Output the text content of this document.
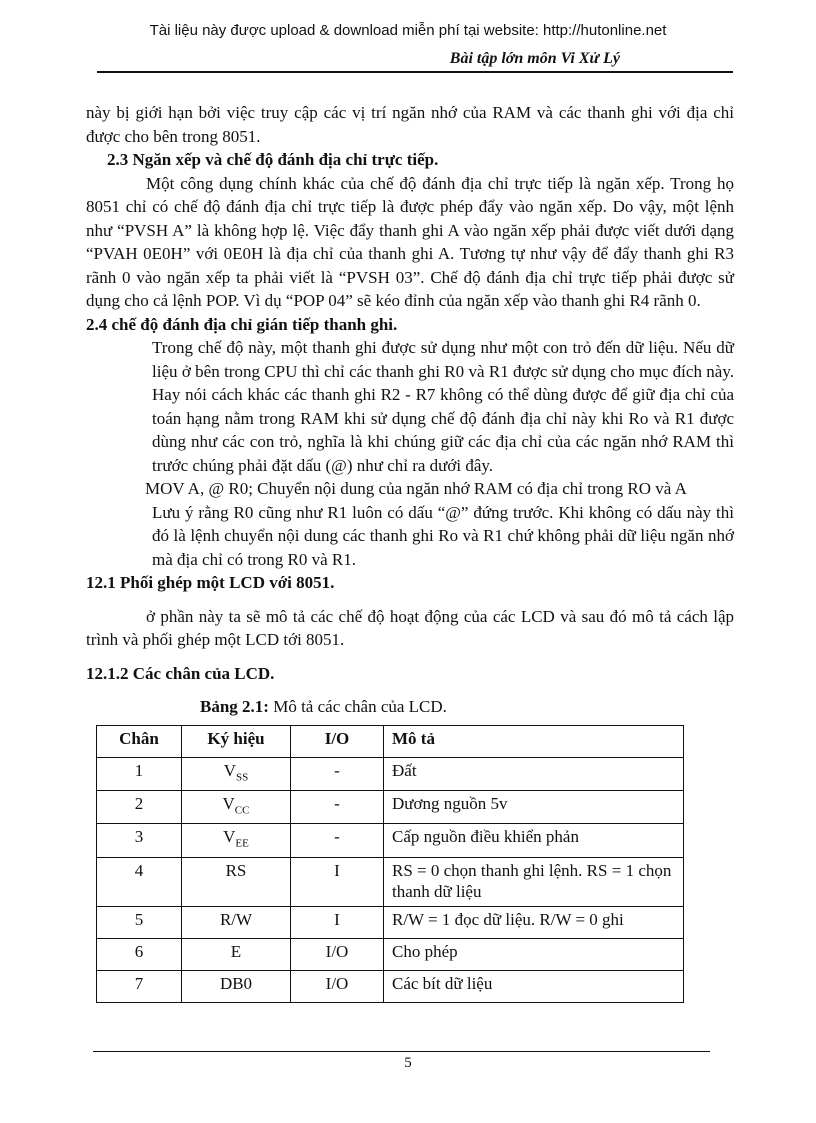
Tài liệu này được upload & download miễn phí tại website: http://hutonline.net
Bài tập lớn môn Vi Xử Lý

này bị giới hạn bởi việc truy cập các vị trí ngăn nhớ của RAM và các thanh ghi với địa chỉ được cho bên trong 8051.

2.3 Ngăn xếp và chế độ đánh địa chỉ trực tiếp.

Một công dụng chính khác của chế độ đánh địa chỉ trực tiếp là ngăn xếp. Trong họ 8051 chỉ có chế độ đánh địa chỉ trực tiếp là được phép đẩy vào ngăn xếp. Do vậy, một lệnh như “PVSH A” là không hợp lệ. Việc đẩy thanh ghi A vào ngăn xếp phải được viết dưới dạng “PVAH 0E0H” với 0E0H là địa chỉ của thanh ghi A. Tương tự như vậy để đẩy thanh ghi R3 rãnh 0 vào ngăn xếp ta phải viết là “PVSH 03”. Chế độ đánh địa chỉ trực tiếp phải được sử dụng cho cả lệnh POP. Vì dụ “POP 04” sẽ kéo đỉnh của ngăn xếp vào thanh ghi R4 rãnh 0.

2.4 chế độ đánh địa chỉ gián tiếp thanh ghi.

Trong chế độ này, một thanh ghi được sử dụng như một con trỏ đến dữ liệu. Nếu dữ liệu ở bên trong CPU thì chỉ các thanh ghi R0 và R1 được sử dụng cho mục đích này. Hay nói cách khác các thanh ghi R2 - R7 không có thể dùng được để giữ địa chỉ của toán hạng nằm trong RAM khi sử dụng chế độ đánh địa chỉ này khi Ro và R1 được dùng như các con trỏ, nghĩa là khi chúng giữ các địa chỉ của các ngăn nhớ RAM thì trước chúng phải đặt dấu (@) như chỉ ra dưới đây.

MOV A, @ R0; Chuyển nội dung của ngăn nhớ RAM có địa chỉ trong RO và A

Lưu ý rằng R0 cũng như R1 luôn có dấu “@” đứng trước. Khi không có dấu này thì đó là lệnh chuyển nội dung các thanh ghi Ro và R1 chứ không phải dữ liệu ngăn nhớ mà địa chỉ có trong R0 và R1.

12.1 Phối ghép một LCD với 8051.

ở phần này ta sẽ mô tả các chế độ hoạt động của các LCD và sau đó mô tả cách lập trình và phối ghép một LCD tới 8051.

12.1.2 Các chân của LCD.

Bảng 2.1: Mô tả các chân của LCD.
Chân	Ký hiệu	I/O	Mô tả
1	$V_{SS}$	-	Đất
2	$V_{CC}$	-	Dương nguồn 5v
3	$V_{EE}$	-	Cấp nguồn điều khiển phản
4	RS	I	RS = 0 chọn thanh ghi lệnh. RS = 1 chọn thanh dữ liệu
5	R/W	I	R/W = 1 đọc dữ liệu. R/W = 0 ghi
6	E	I/O	Cho phép
7	DB0	I/O	Các bít dữ liệu
5
